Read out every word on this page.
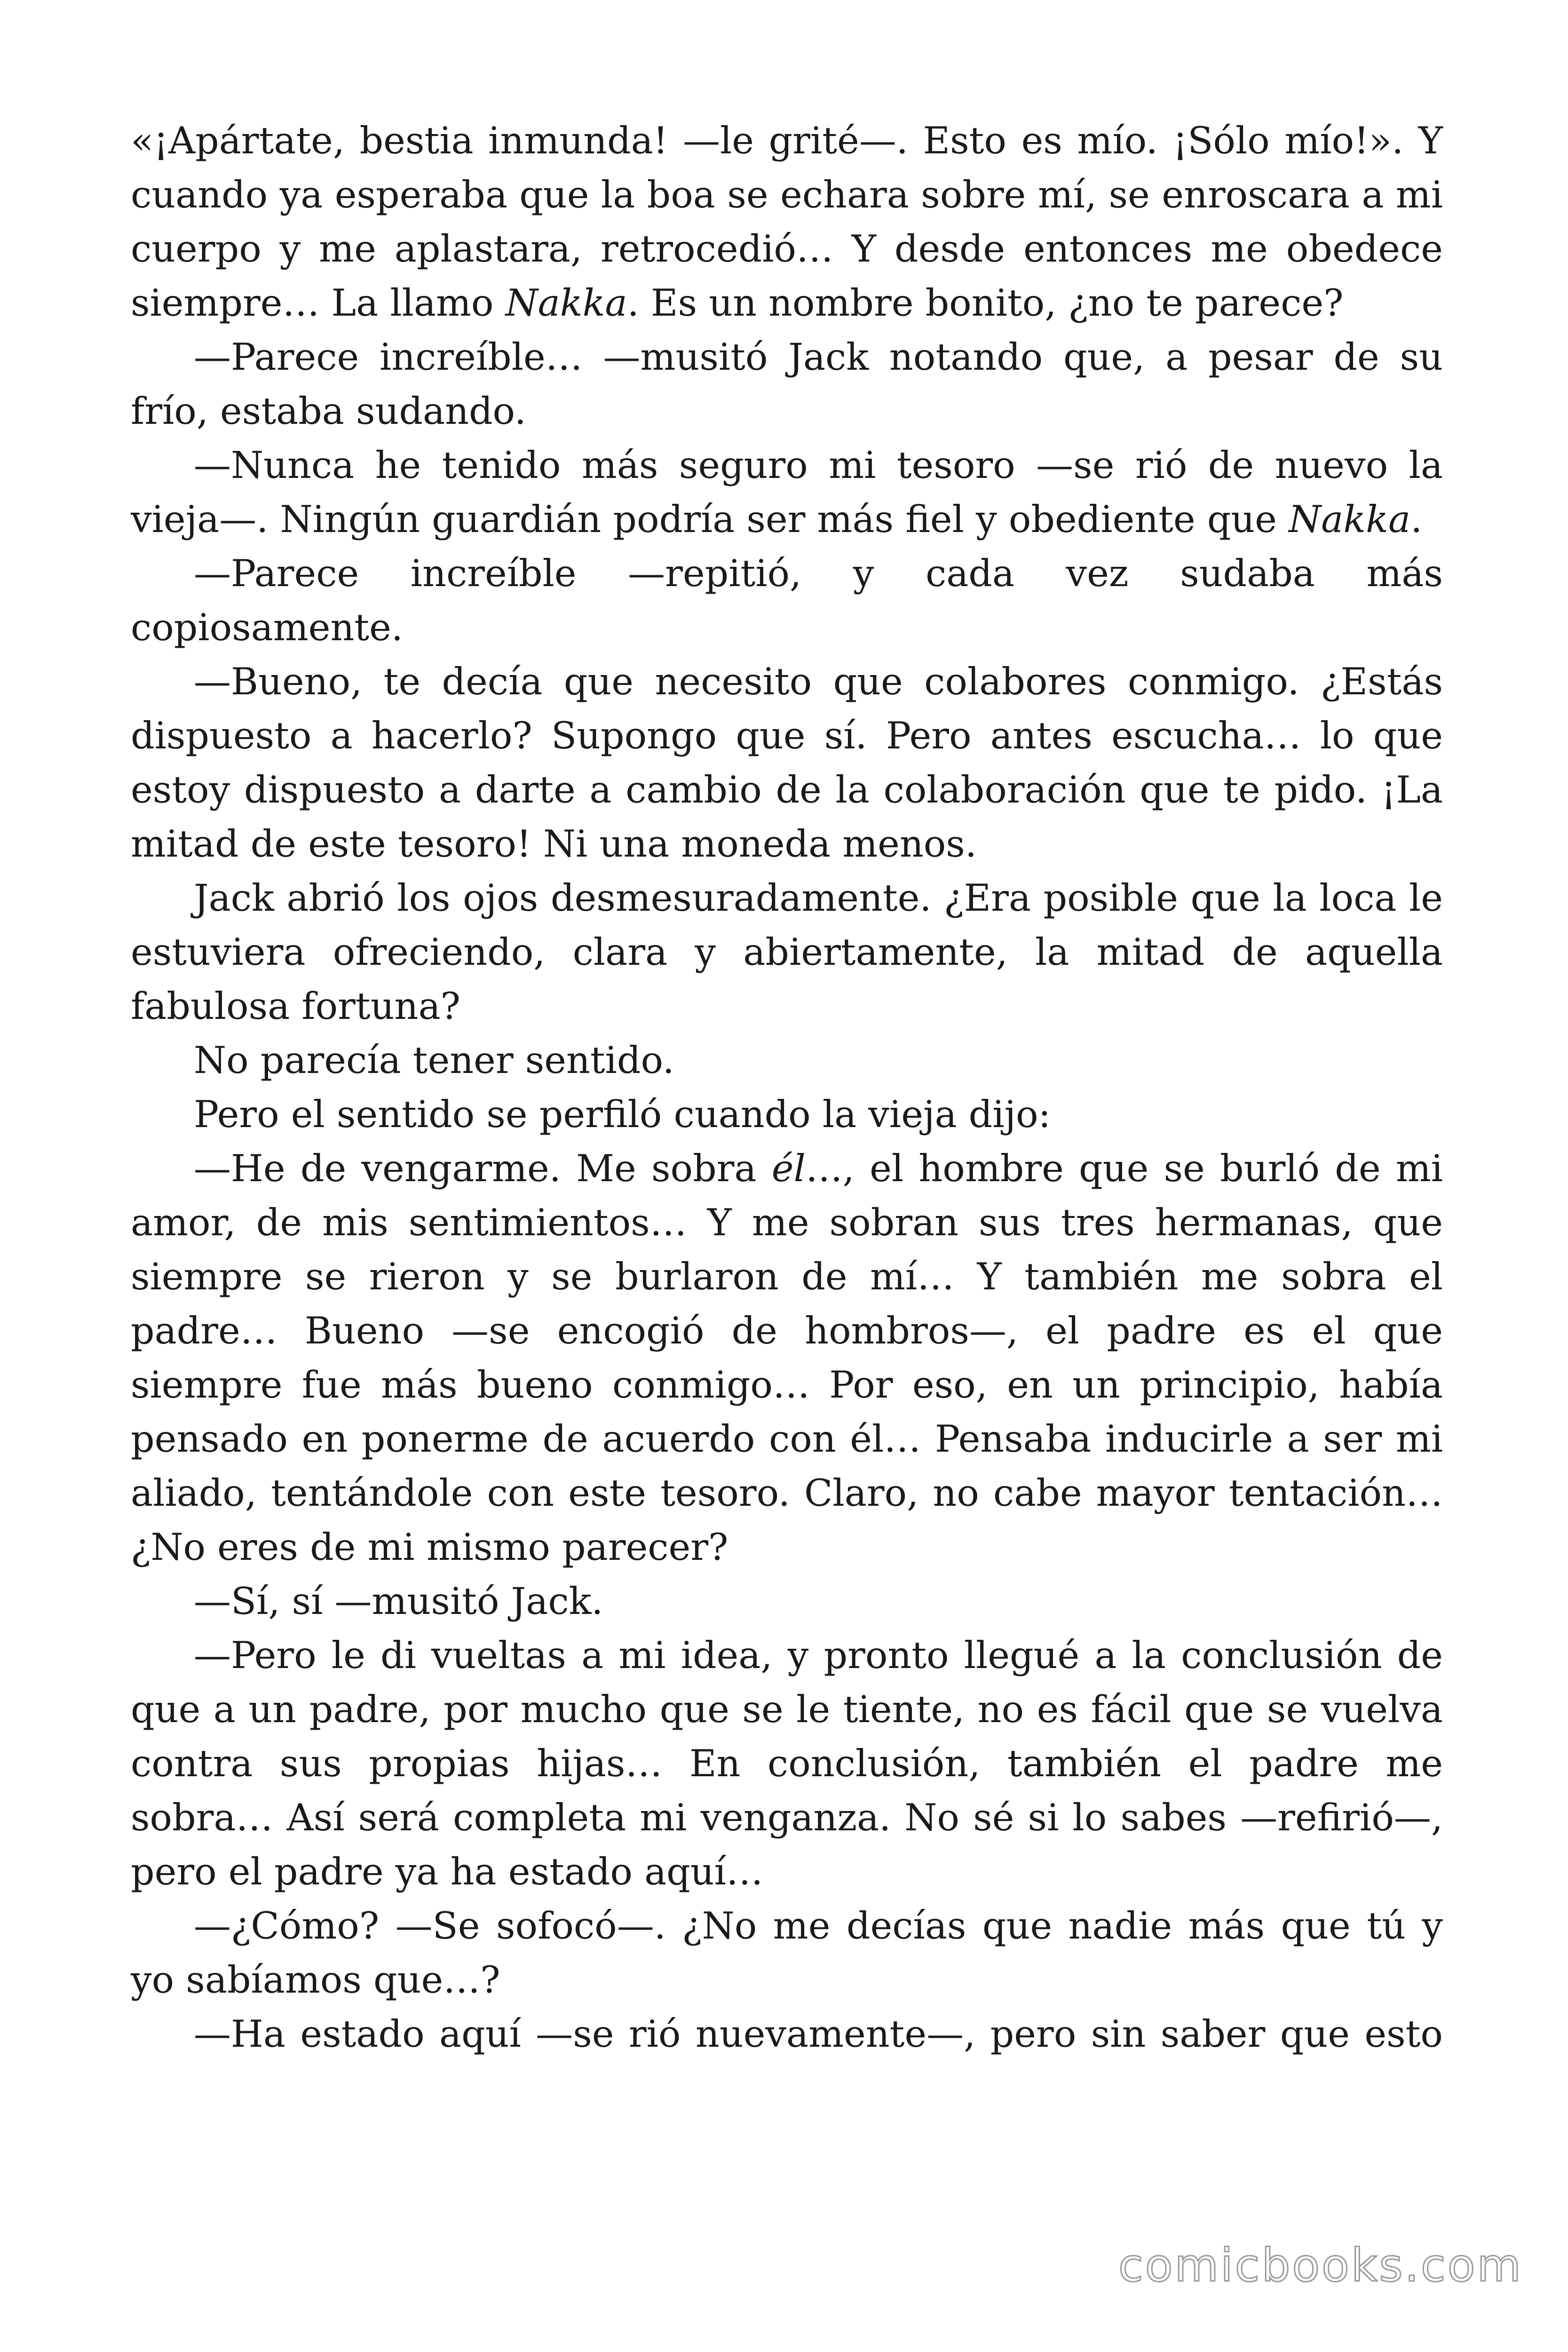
«¡Apártate, bestia inmunda! —le grité—. Esto es mío. ¡Sólo mío!». Y cuando ya esperaba que la boa se echara sobre mí, se enroscara a mi cuerpo y me aplastara, retrocedió… Y desde entonces me obedece siempre… La llamo Nakka. Es un nombre bonito, ¿no te parece?

—Parece increíble… —musitó Jack notando que, a pesar de su frío, estaba sudando.

—Nunca he tenido más seguro mi tesoro —se rió de nuevo la vieja—. Ningún guardián podría ser más fiel y obediente que Nakka.

—Parece increíble —repitió, y cada vez sudaba más copiosamente.

—Bueno, te decía que necesito que colabores conmigo. ¿Estás dispuesto a hacerlo? Supongo que sí. Pero antes escucha… lo que estoy dispuesto a darte a cambio de la colaboración que te pido. ¡La mitad de este tesoro! Ni una moneda menos.

Jack abrió los ojos desmesuradamente. ¿Era posible que la loca le estuviera ofreciendo, clara y abiertamente, la mitad de aquella fabulosa fortuna?

No parecía tener sentido.

Pero el sentido se perfiló cuando la vieja dijo:

—He de vengarme. Me sobra él…, el hombre que se burló de mi amor, de mis sentimientos… Y me sobran sus tres hermanas, que siempre se rieron y se burlaron de mí… Y también me sobra el padre… Bueno —se encogió de hombros—, el padre es el que siempre fue más bueno conmigo… Por eso, en un principio, había pensado en ponerme de acuerdo con él… Pensaba inducirle a ser mi aliado, tentándole con este tesoro. Claro, no cabe mayor tentación… ¿No eres de mi mismo parecer?

—Sí, sí —musitó Jack.

—Pero le di vueltas a mi idea, y pronto llegué a la conclusión de que a un padre, por mucho que se le tiente, no es fácil que se vuelva contra sus propias hijas… En conclusión, también el padre me sobra… Así será completa mi venganza. No sé si lo sabes —refirió—, pero el padre ya ha estado aquí…

—¿Cómo? —Se sofocó—. ¿No me decías que nadie más que tú y yo sabíamos que…?

—Ha estado aquí —se rió nuevamente—, pero sin saber que esto

comicbooks.com
